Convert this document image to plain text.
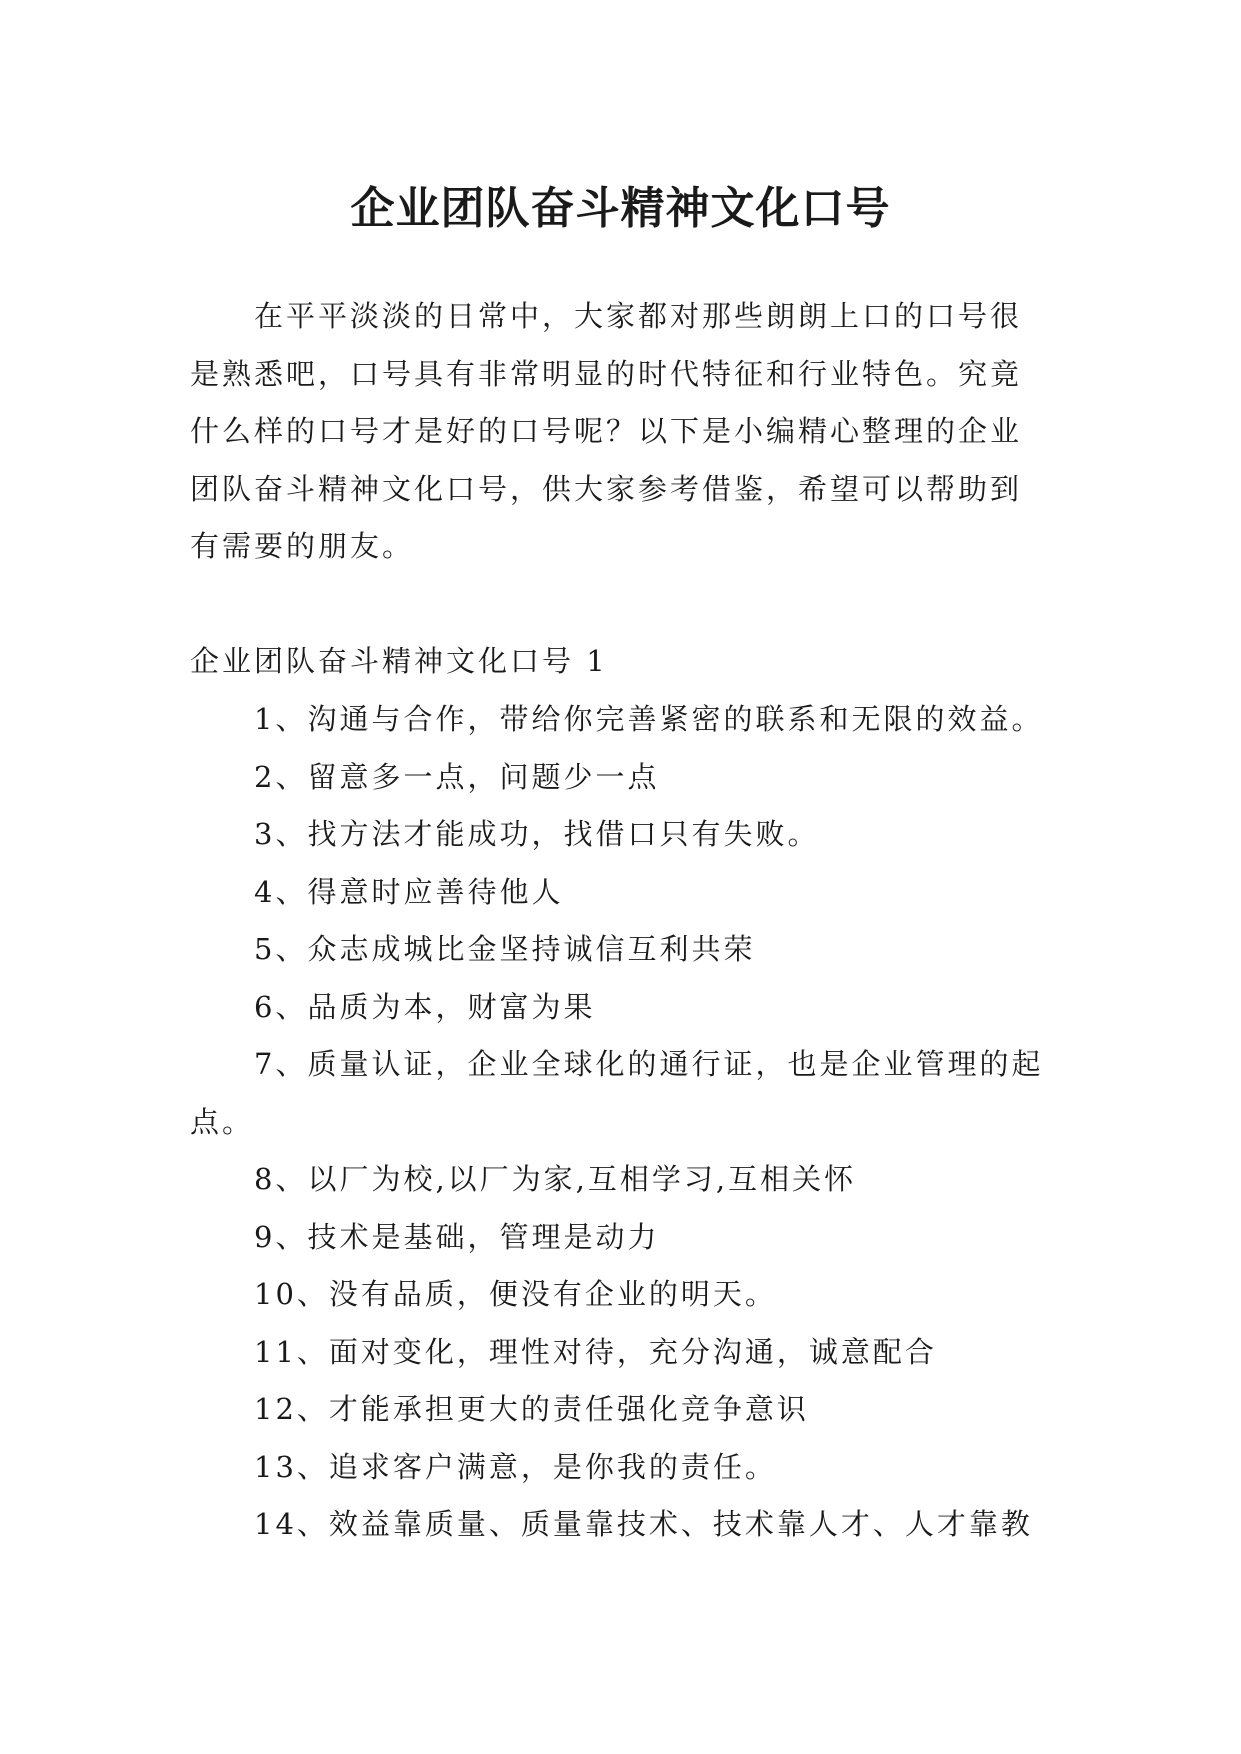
企业团队奋斗精神文化口号

在平平淡淡的日常中，大家都对那些朗朗上口的口号很是熟悉吧，口号具有非常明显的时代特征和行业特色。究竟什么样的口号才是好的口号呢？以下是小编精心整理的企业团队奋斗精神文化口号，供大家参考借鉴，希望可以帮助到有需要的朋友。

企业团队奋斗精神文化口号 1

1、沟通与合作，带给你完善紧密的联系和无限的效益。
2、留意多一点，问题少一点
3、找方法才能成功，找借口只有失败。
4、得意时应善待他人
5、众志成城比金坚持诚信互利共荣
6、品质为本，财富为果
7、质量认证，企业全球化的通行证，也是企业管理的起点。
8、以厂为校,以厂为家,互相学习,互相关怀
9、技术是基础，管理是动力
10、没有品质，便没有企业的明天。
11、面对变化，理性对待，充分沟通，诚意配合
12、才能承担更大的责任强化竞争意识
13、追求客户满意，是你我的责任。
14、效益靠质量、质量靠技术、技术靠人才、人才靠教
